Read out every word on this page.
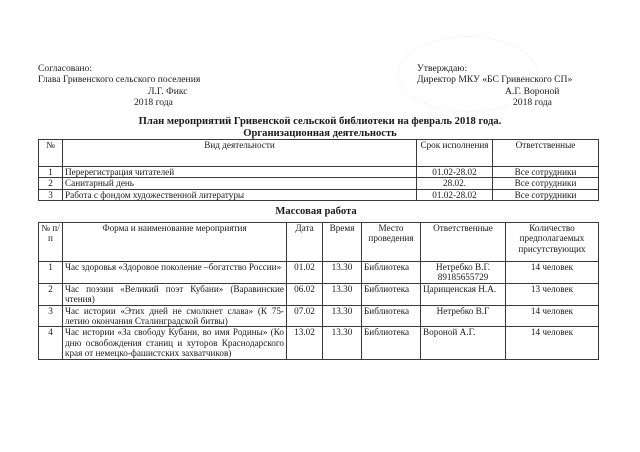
Согласовано:
Глава Гривенского сельского поселения
Л.Г. Фикс
2018 года
Утверждаю:
Директор МКУ «БС Гривенского СП»
А.Г. Вороной
2018 года
План мероприятий Гривенской сельской библиотеки на февраль 2018 года.
Организационная деятельность
№	Вид деятельности	Срок исполнения	Ответственные
1	Перерегистрация читателей	01.02-28.02	Все сотрудники
2	Санитарный день	28.02.	Все сотрудники
3	Работа с фондом художественной литературы	01.02-28.02	Все сотрудники
Массовая работа
№ п/п	Форма и наименование мероприятия	Дата	Время	Место проведения	Ответственные	Количество предполагаемых присутствующих
1	Час здоровья «Здоровое поколение –богатство России»	01.02	13.30	Библиотека	Нетребко В.Г. 89185655729	14 человек
2	Час поэзии «Великий поэт Кубани» (Варавинские чтения)	06.02	13.30	Библиотека	Царищенская Н.А.	13 человек
3	Час истории «Этих дней не смолкнет слава» (К 75- летию окончания Сталинградской битвы)	07.02	13.30	Библиотека	Нетребко В.Г	14 человек
4	Час истории «За свободу Кубани, во имя Родины» (Ко дню освобождения станиц и хуторов Краснодарского края от немецко-фашистских захватчиков)	13.02	13.30	Библиотека	Вороной А.Г.	14 человек
